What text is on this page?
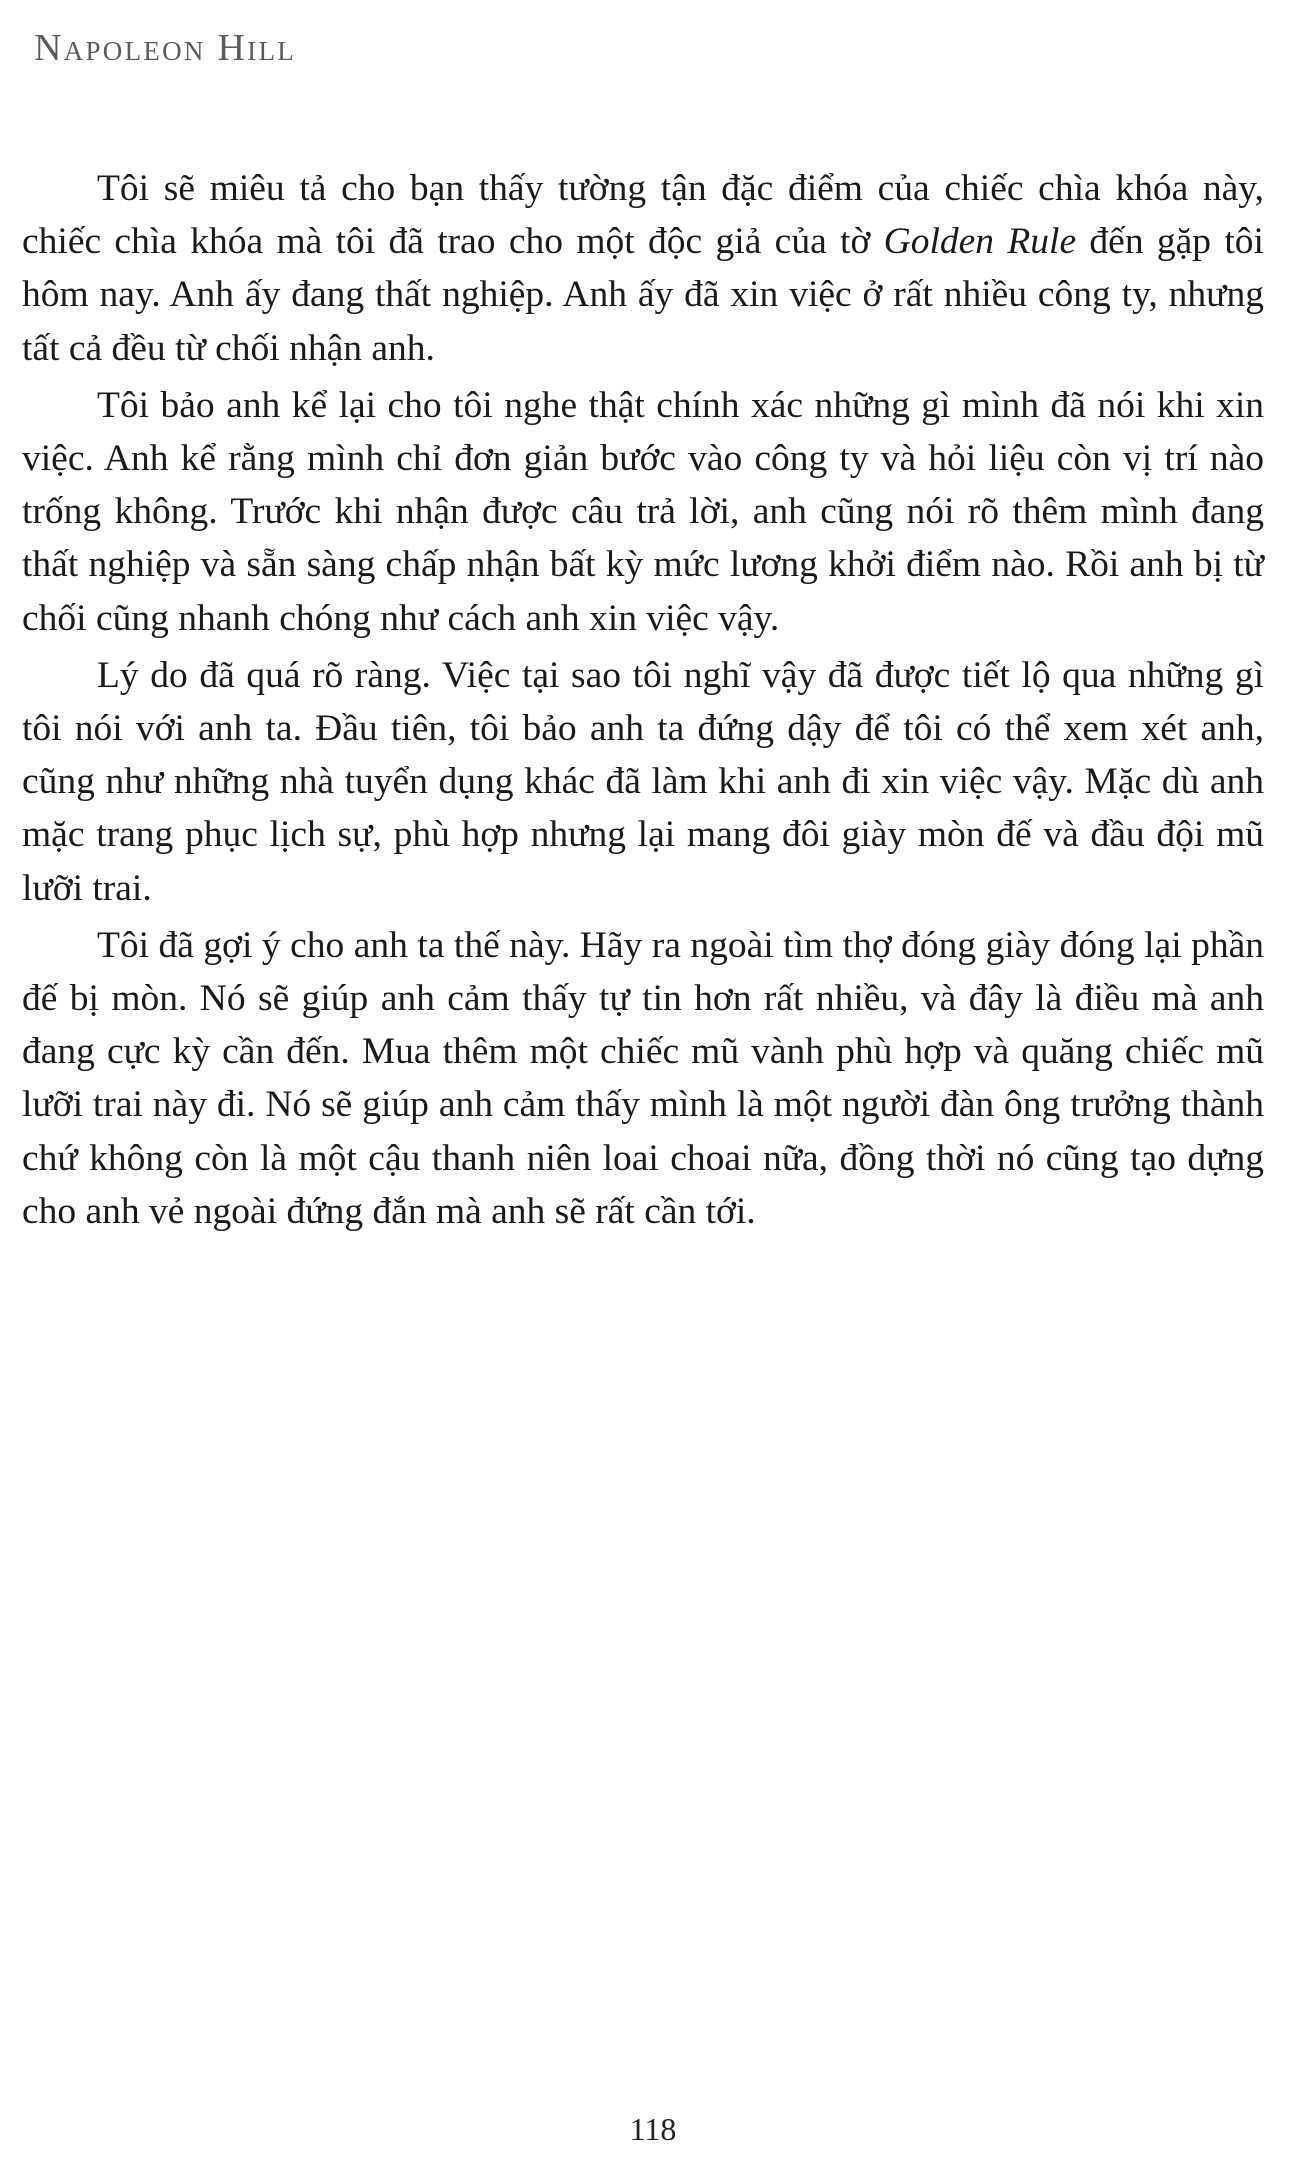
Napoleon Hill

Tôi sẽ miêu tả cho bạn thấy tường tận đặc điểm của chiếc chìa khóa này, chiếc chìa khóa mà tôi đã trao cho một độc giả của tờ Golden Rule đến gặp tôi hôm nay. Anh ấy đang thất nghiệp. Anh ấy đã xin việc ở rất nhiều công ty, nhưng tất cả đều từ chối nhận anh.

Tôi bảo anh kể lại cho tôi nghe thật chính xác những gì mình đã nói khi xin việc. Anh kể rằng mình chỉ đơn giản bước vào công ty và hỏi liệu còn vị trí nào trống không. Trước khi nhận được câu trả lời, anh cũng nói rõ thêm mình đang thất nghiệp và sẵn sàng chấp nhận bất kỳ mức lương khởi điểm nào. Rồi anh bị từ chối cũng nhanh chóng như cách anh xin việc vậy.

Lý do đã quá rõ ràng. Việc tại sao tôi nghĩ vậy đã được tiết lộ qua những gì tôi nói với anh ta. Đầu tiên, tôi bảo anh ta đứng dậy để tôi có thể xem xét anh, cũng như những nhà tuyển dụng khác đã làm khi anh đi xin việc vậy. Mặc dù anh mặc trang phục lịch sự, phù hợp nhưng lại mang đôi giày mòn đế và đầu đội mũ lưỡi trai.

Tôi đã gợi ý cho anh ta thế này. Hãy ra ngoài tìm thợ đóng giày đóng lại phần đế bị mòn. Nó sẽ giúp anh cảm thấy tự tin hơn rất nhiều, và đây là điều mà anh đang cực kỳ cần đến. Mua thêm một chiếc mũ vành phù hợp và quăng chiếc mũ lưỡi trai này đi. Nó sẽ giúp anh cảm thấy mình là một người đàn ông trưởng thành chứ không còn là một cậu thanh niên loai choai nữa, đồng thời nó cũng tạo dựng cho anh vẻ ngoài đứng đắn mà anh sẽ rất cần tới.

118
